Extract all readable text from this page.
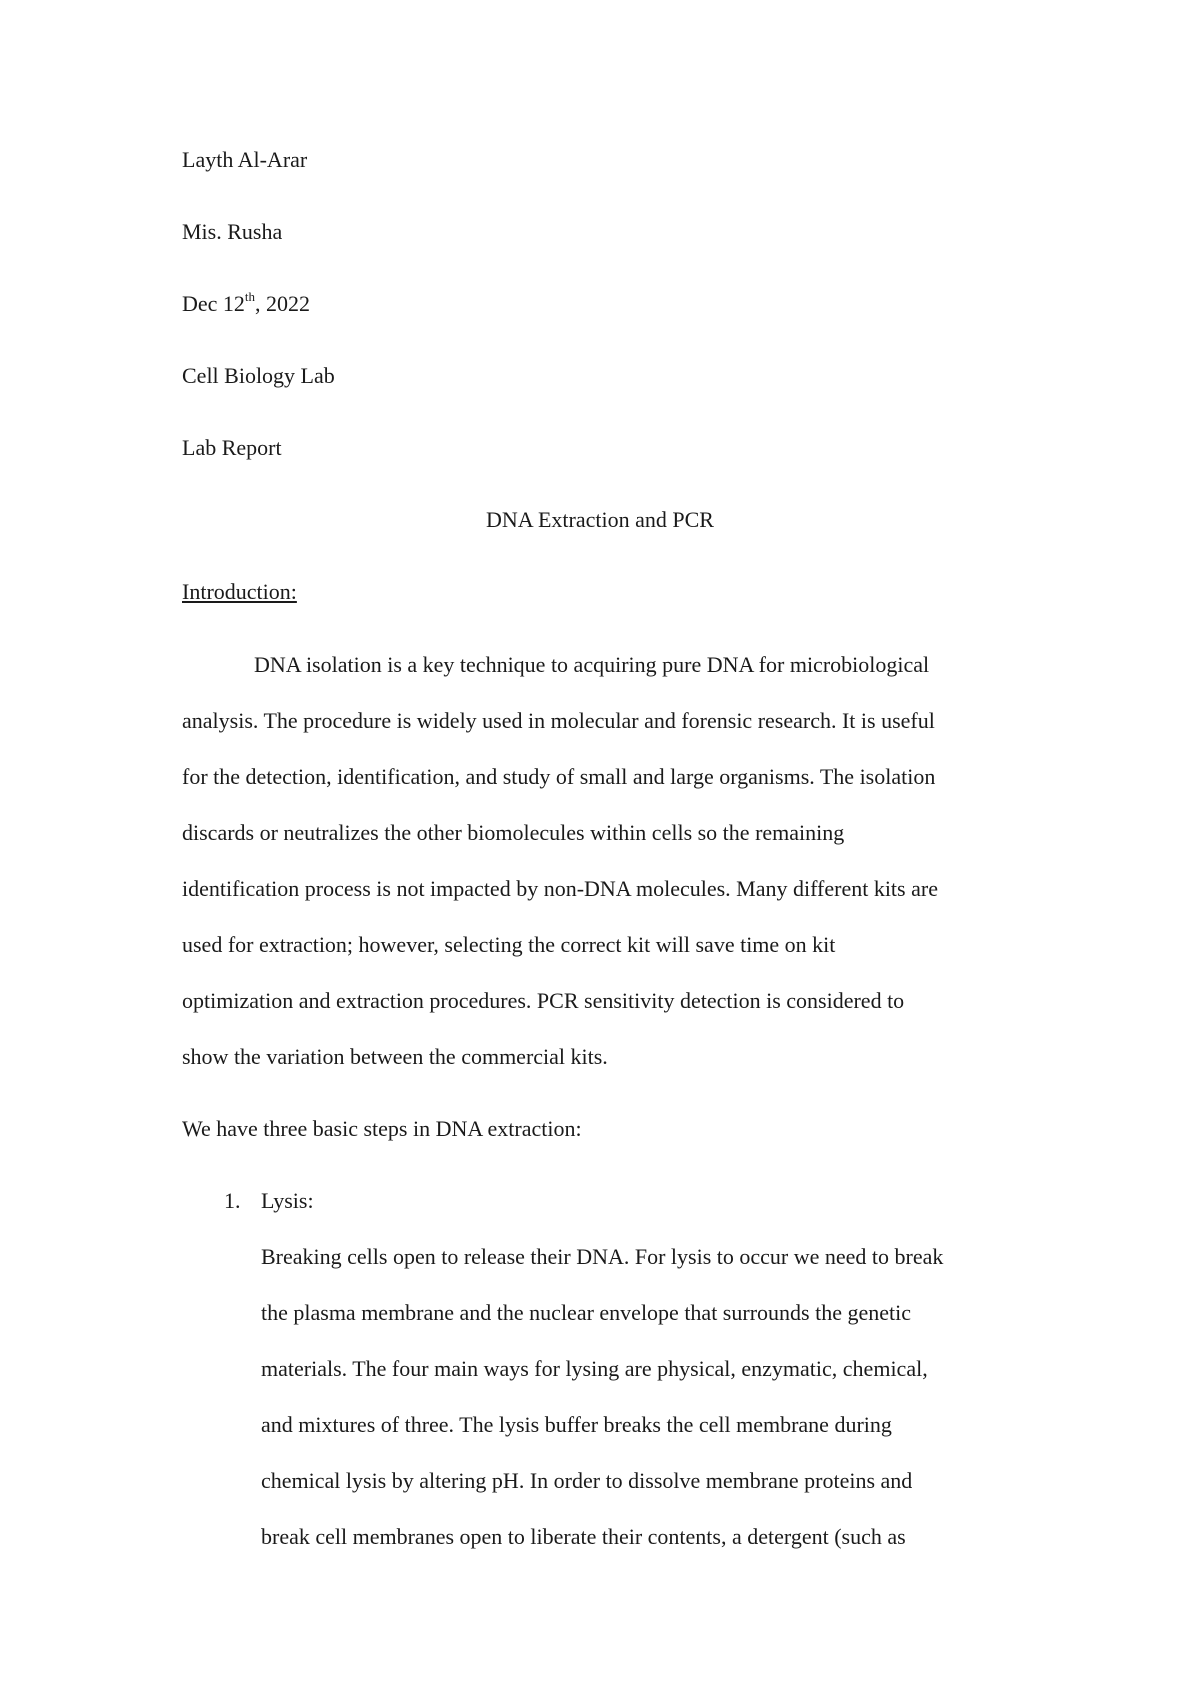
Layth Al-Arar
Mis. Rusha
Dec 12th, 2022
Cell Biology Lab
Lab Report
DNA Extraction and PCR
Introduction:
DNA isolation is a key technique to acquiring pure DNA for microbiological
analysis. The procedure is widely used in molecular and forensic research. It is useful
for the detection, identification, and study of small and large organisms. The isolation
discards or neutralizes the other biomolecules within cells so the remaining
identification process is not impacted by non-DNA molecules. Many different kits are
used for extraction; however, selecting the correct kit will save time on kit
optimization and extraction procedures. PCR sensitivity detection is considered to
show the variation between the commercial kits.
We have three basic steps in DNA extraction:
1. Lysis:
Breaking cells open to release their DNA. For lysis to occur we need to break
the plasma membrane and the nuclear envelope that surrounds the genetic
materials. The four main ways for lysing are physical, enzymatic, chemical,
and mixtures of three. The lysis buffer breaks the cell membrane during
chemical lysis by altering pH. In order to dissolve membrane proteins and
break cell membranes open to liberate their contents, a detergent (such as
